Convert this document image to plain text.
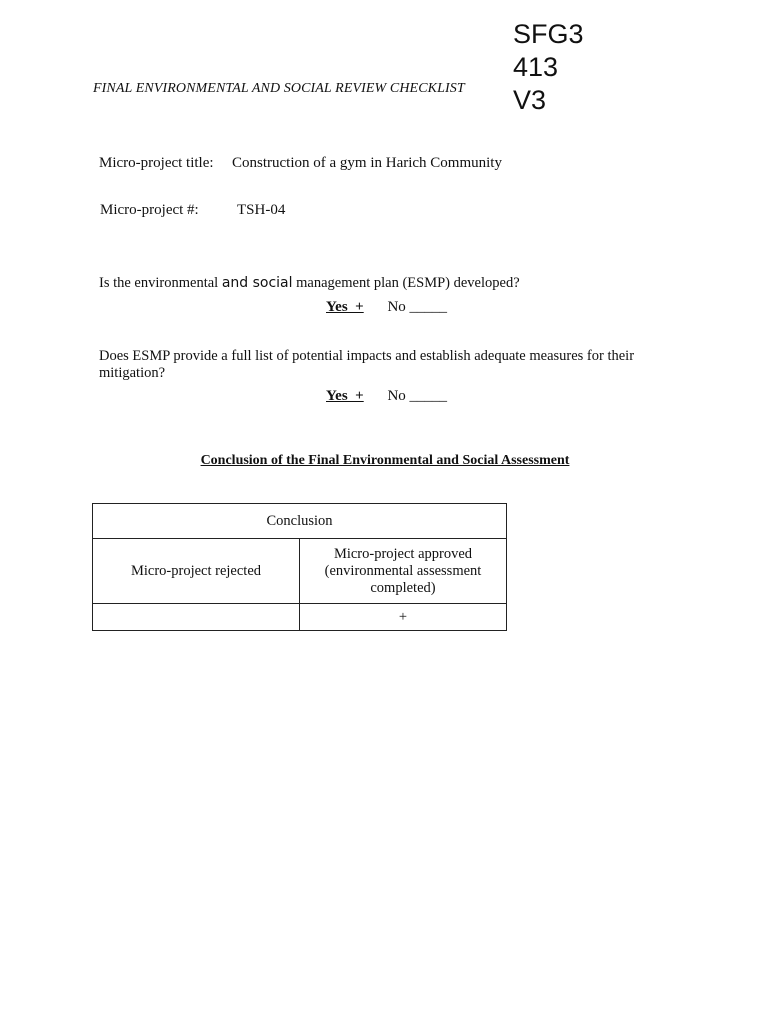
SFG3
413
V3
FINAL ENVIRONMENTAL AND SOCIAL REVIEW CHECKLIST
Micro-project title: Construction of a gym in Harich Community
Micro-project #:	TSH-04
Is the environmental and social management plan (ESMP) developed?
Yes  + No _____
Does ESMP provide a full list of potential impacts and establish adequate measures for their mitigation?
Yes  + No _____
Conclusion of the Final Environmental and Social Assessment
Conclusion	
Micro-project rejected	Micro-project approved (environmental assessment completed)
	+
